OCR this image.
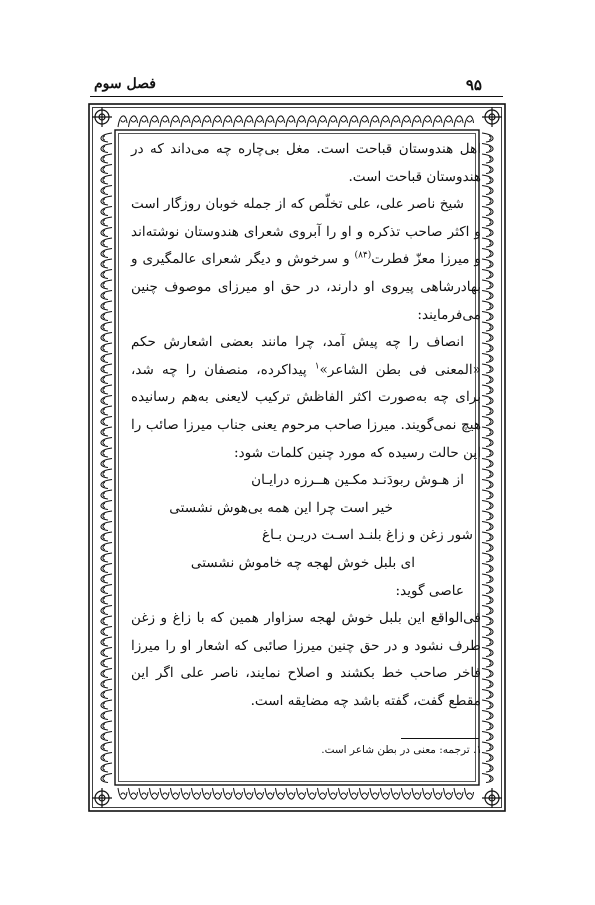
۹۵
فصل سوم

اهل هندوستان قباحت است. مغل بی‌چاره چه می‌داند که در هندوستان قباحت است.

شیخ ناصر علی، علی تخلّص که از جمله خوبان روزگار است و اکثر صاحب تذکره و او را آبروی شعرای هندوستان نوشته‌اند و میرزا معزّ فطرت$^{(۸۴)}$ و سرخوش و دیگر شعرای عالمگیری و بهادرشاهی پیروی او دارند، در حق او میرزای موصوف چنین می‌فرمایند:

انصاف را چه پیش آمد، چرا مانند بعضی اشعارش حکم «المعنی فی بطن الشاعر»$^۱$ پیداکرده، منصفان را چه شد، برای چه به‌صورت اکثر الفاظش ترکیب لایعنی به‌هم رسانیده هیچ نمی‌گویند. میرزا صاحب مرحوم یعنی جناب میرزا صائب را این حالت رسیده که مورد چنین کلمات شود:

از هـوش ربودَنـد مکـین هــرزه درایـان
خیر است چرا این همه بی‌هوش نشستی
شور زغن و زاغ بلنـد اسـت دریـن بـاغ
ای بلبل خوش لهجه چه خاموش نشستی

عاصی گوید:

فی‌الواقع این بلبل خوش لهجه سزاوار همین که با زاغ و زغن طرف نشود و در حق چنین میرزا صائبی که اشعار او را میرزا فاخر صاحب خط بکشند و اصلاح نمایند، ناصر علی اگر این مقطع گفت، گفته باشد چه مضایقه است.

۱. ترجمه: معنی در بطن شاعر است.
